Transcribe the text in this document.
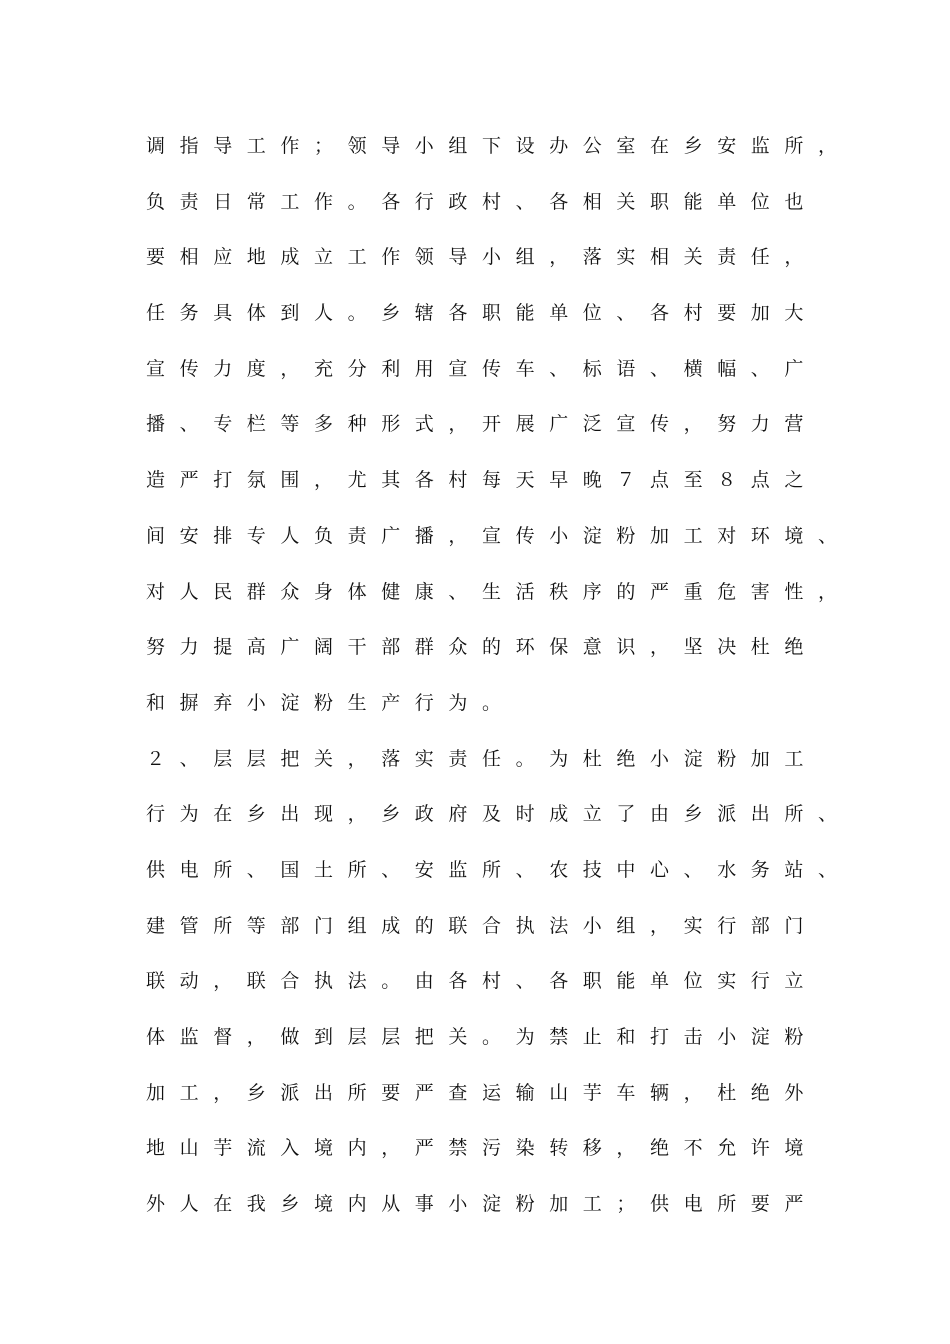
调指导工作；领导小组下设办公室在乡安监所，
负责日常工作。各行政村、各相关职能单位也
要相应地成立工作领导小组，落实相关责任，
任务具体到人。乡辖各职能单位、各村要加大
宣传力度，充分利用宣传车、标语、横幅、广
播、专栏等多种形式，开展广泛宣传，努力营
造严打氛围，尤其各村每天早晚７点至８点之
间安排专人负责广播，宣传小淀粉加工对环境、
对人民群众身体健康、生活秩序的严重危害性，
努力提高广阔干部群众的环保意识，坚决杜绝
和摒弃小淀粉生产行为。
２、层层把关，落实责任。为杜绝小淀粉加工
行为在乡出现，乡政府及时成立了由乡派出所、
供电所、国土所、安监所、农技中心、水务站、
建管所等部门组成的联合执法小组，实行部门
联动，联合执法。由各村、各职能单位实行立
体监督，做到层层把关。为禁止和打击小淀粉
加工，乡派出所要严查运输山芋车辆，杜绝外
地山芋流入境内，严禁污染转移，绝不允许境
外人在我乡境内从事小淀粉加工；供电所要严
